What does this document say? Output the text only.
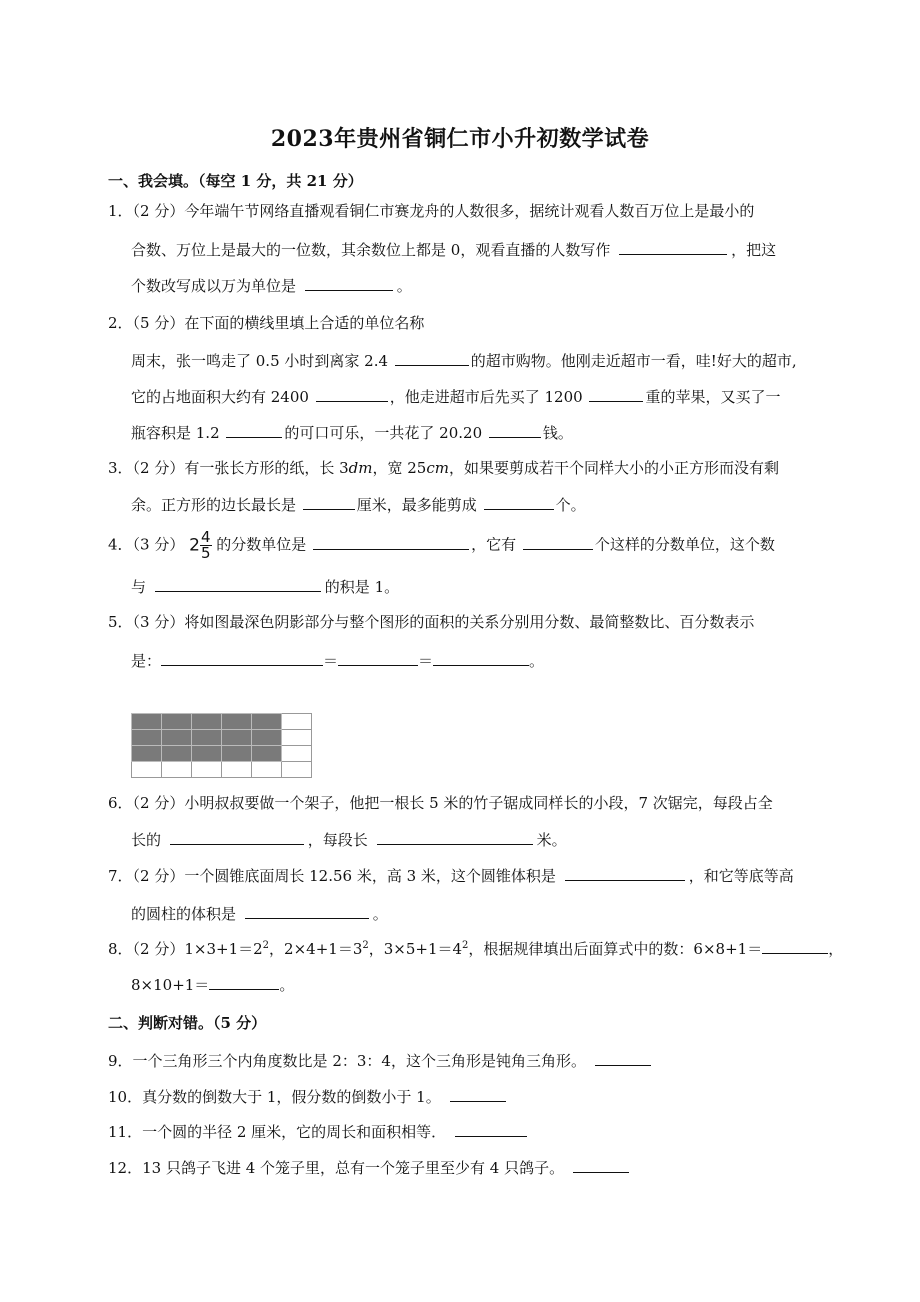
2023年贵州省铜仁市小升初数学试卷
一、我会填。（每空 1 分，共 21 分）
1．（2 分）今年端午节网络直播观看铜仁市赛龙舟的人数很多，据统计观看人数百万位上是最小的
合数、万位上是最大的一位数，其余数位上都是 0，观看直播的人数写作	，把这
个数改写成以万为单位是	。
2．（5 分）在下面的横线里填上合适的单位名称
周末，张一鸣走了 0.5 小时到离家 2.4	的超市购物。他刚走近超市一看，哇!好大的超市,
它的占地面积大约有 2400	，他走进超市后先买了 1200	重的苹果，又买了一
瓶容积是 1.2	的可口可乐，一共花了 20.20	钱。
3．（2 分）有一张长方形的纸，长 3dm，宽 25cm，如果要剪成若干个同样大小的小正方形而没有剩
余。正方形的边长最长是	厘米，最多能剪成	个。
4．（3 分） $2 \frac{4}{5}$ 的分数单位是	，它有	个这样的分数单位，这个数
与	的积是 1。
5．（3 分）将如图最深色阴影部分与整个图形的面积的关系分别用分数、最简整数比、百分数表示
是：	＝	＝	。

6．（2 分）小明叔叔要做一个架子，他把一根长 5 米的竹子锯成同样长的小段，7 次锯完，每段占全
长的	，每段长	米。
7．（2 分）一个圆锥底面周长 12.56 米，高 3 米，这个圆锥体积是	，和它等底等高
的圆柱的体积是	。
8．（2 分）$1\times 3+1=2^2$，$2\times 4+1=3^2$，$3\times 5+1=4^2$，根据规律填出后面算式中的数：6×8+1＝	，
8×10+1＝	。
二、判断对错。（5 分）
9．一个三角形三个内角度数比是 2：3：4，这个三角形是钝角三角形。
10．真分数的倒数大于 1，假分数的倒数小于 1。
11．一个圆的半径 2 厘米，它的周长和面积相等．
12．13 只鸽子飞进 4 个笼子里，总有一个笼子里至少有 4 只鸽子。
